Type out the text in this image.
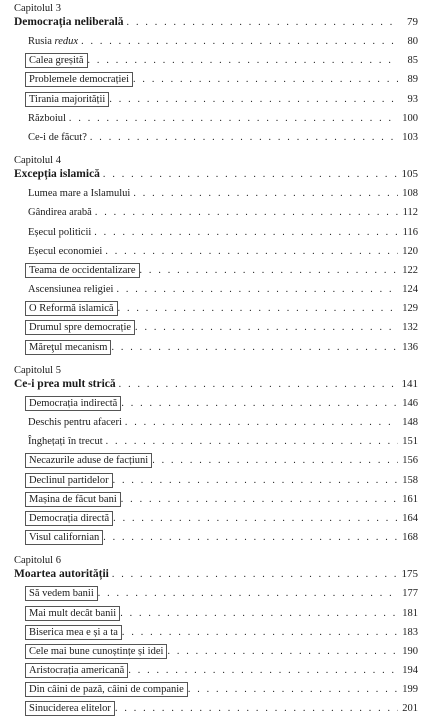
Capitolul 3
Democrația neliberală . . .	79
Rusia redux . . .	80
Calea greșită . . .	85
Problemele democrației . . .	89
Tirania majorității . . .	93
Războiul . . .	100
Ce-i de făcut? . . .	103
Capitolul 4
Excepția islamică . . .	105
Lumea mare a Islamului . . .	108
Gândirea arabă . . .	112
Eșecul politicii . . .	116
Eșecul economiei . . .	120
Teama de occidentalizare . . .	122
Ascensiunea religiei . . .	124
O Reformă islamică . . .	129
Drumul spre democrație . . .	132
Măreţul mecanism . . .	136
Capitolul 5
Ce-i prea mult strică . . .	141
Democrația indirectă . . .	146
Deschis pentru afaceri . . .	148
Înghețați în trecut . . .	151
Necazurile aduse de facțiuni . . .	156
Declinul partidelor . . .	158
Mașina de făcut bani . . .	161
Democrația directă . . .	164
Visul californian . . .	168
Capitolul 6
Moartea autorității . . .	175
Să vedem banii . . .	177
Mai mult decât banii . . .	181
Biserica mea e și a ta . . .	183
Cele mai bune cunoștințe și idei . . .	190
Aristocrația americană . . .	194
Din câini de pază, câini de companie . . .	199
Sinuciderea elitelor . . .	201
